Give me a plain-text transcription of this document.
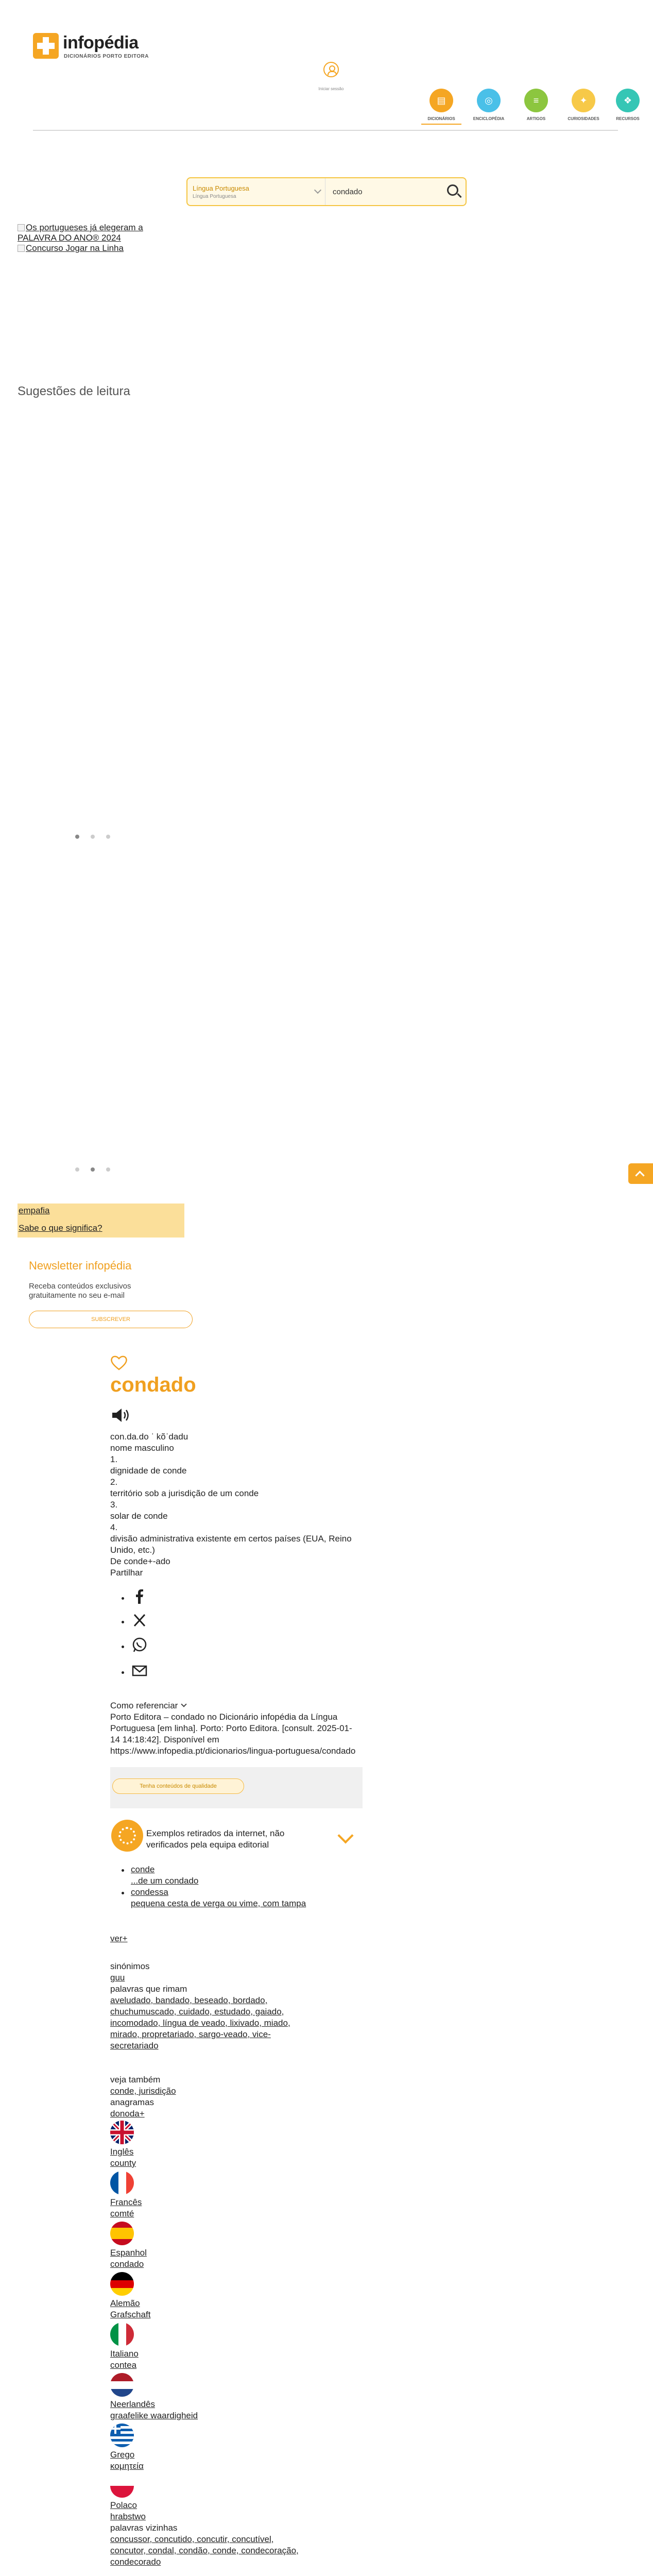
infopédia
DICIONÁRIOS PORTO EDITORA
Iniciar sessão
▤
DICIONÁRIOS
◎
ENCICLOPÉDIA
≡
ARTIGOS
✦
CURIOSIDADES
❖
RECURSOS
Língua Portuguesa
Língua Portuguesa
condado
Os portugueses já elegeram a PALAVRA DO ANO® 2024
Concurso Jogar na Linha
Sugestões de leitura
empafia
Sabe o que significa?
Newsletter infopédia
Receba conteúdos exclusivos gratuitamente no seu e-mail
SUBSCREVER
condado
con.da.do ˈ kõˈdadu
nome masculino
1.
dignidade de conde
2.
território sob a jurisdição de um conde
3.
solar de conde
4.
divisão administrativa existente em certos países (EUA, Reino Unido, etc.)
De conde+-ado
Partilhar
Como referenciar
Porto Editora – condado no Dicionário infopédia da Língua Portuguesa [em linha]. Porto: Porto Editora. [consult. 2025-01-14 14:18:42]. Disponível em https://www.infopedia.pt/dicionarios/lingua-portuguesa/condado
Tenha conteúdos de qualidade
Exemplos retirados da internet, não verificados pela equipa editorial
conde
...de um condado
condessa
pequena cesta de verga ou vime, com tampa
ver+
sinónimos
guu
palavras que rimam
aveludado, bandado, beseado, bordado, chuchumuscado, cuidado, estudado, gaiado, incomodado, língua de veado, lixivado, miado, mirado, propretariado, sargo-veado, vice-secretariado
veja também
conde, jurisdição
anagramas
donoda+
Inglês
county
Francês
comté
Espanhol
condado
Alemão
Grafschaft
Italiano
contea
Neerlandês
graafelike waardigheid
Grego
κομητεία
Polaco
hrabstwo
palavras vizinhas
concussor, concutido, concutir, concutível, concutor, condal, condão, conde, condecoração, condecorado
